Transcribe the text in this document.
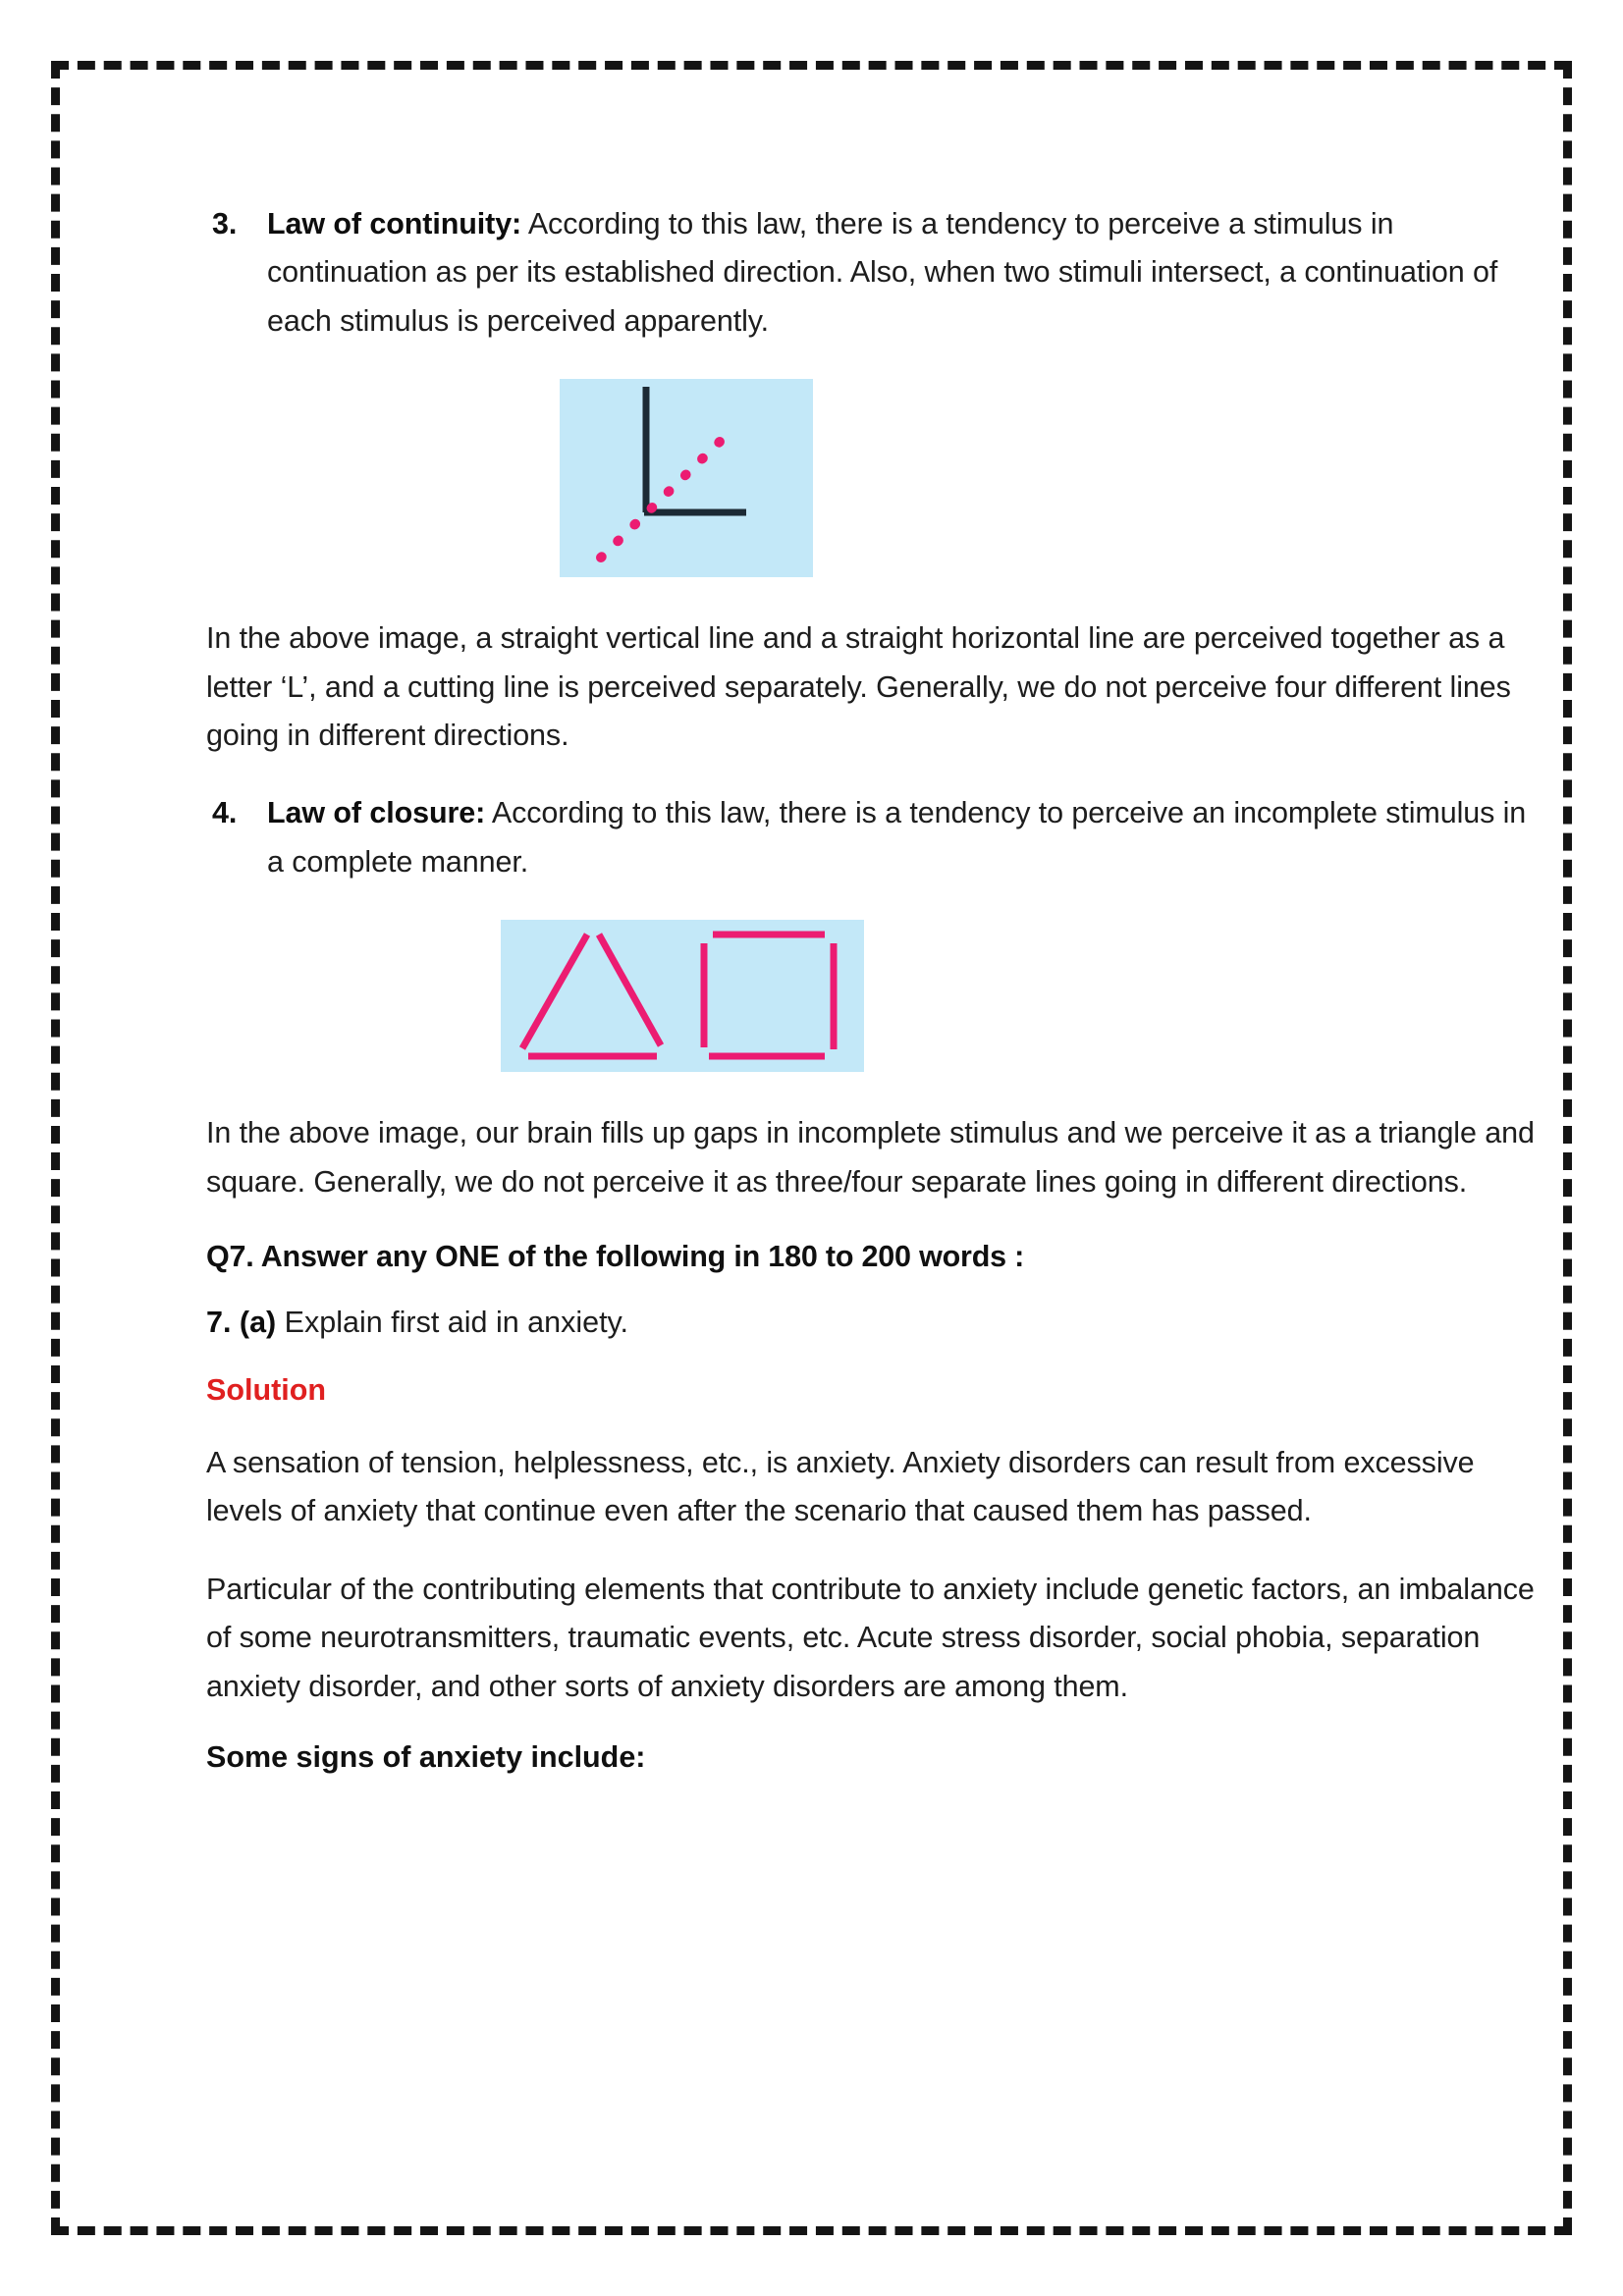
3. Law of continuity: According to this law, there is a tendency to perceive a stimulus in continuation as per its established direction. Also, when two stimuli intersect, a continuation of each stimulus is perceived apparently.

In the above image, a straight vertical line and a straight horizontal line are perceived together as a letter ‘L’, and a cutting line is perceived separately. Generally, we do not perceive four different lines going in different directions.

4. Law of closure: According to this law, there is a tendency to perceive an incomplete stimulus in a complete manner.

In the above image, our brain fills up gaps in incomplete stimulus and we perceive it as a triangle and square. Generally, we do not perceive it as three/four separate lines going in different directions.

Q7. Answer any ONE of the following in 180 to 200 words :

7. (a) Explain first aid in anxiety.

Solution

A sensation of tension, helplessness, etc., is anxiety. Anxiety disorders can result from excessive levels of anxiety that continue even after the scenario that caused them has passed.

Particular of the contributing elements that contribute to anxiety include genetic factors, an imbalance of some neurotransmitters, traumatic events, etc. Acute stress disorder, social phobia, separation anxiety disorder, and other sorts of anxiety disorders are among them.

Some signs of anxiety include:
